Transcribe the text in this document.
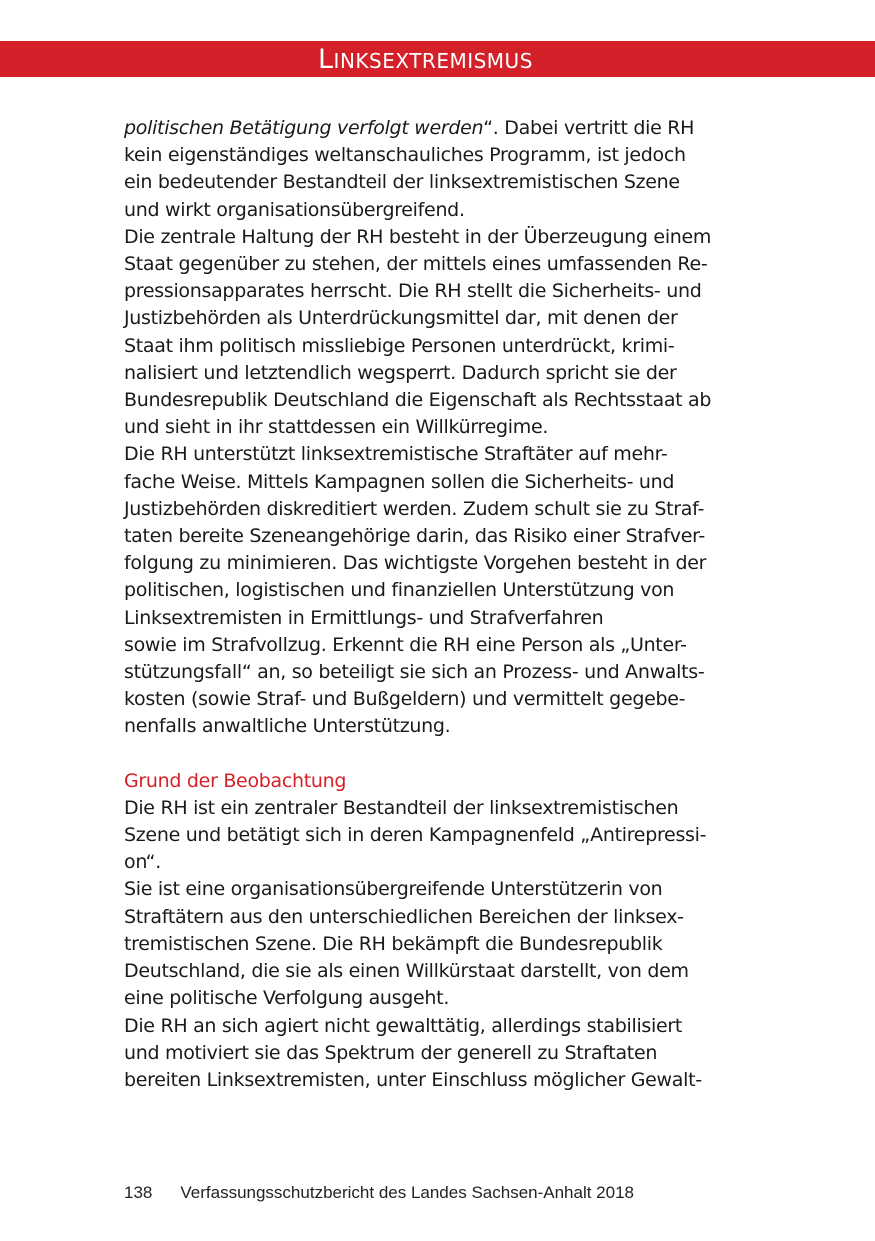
LINKSEXTREMISMUS

politischen Betätigung verfolgt werden“. Dabei vertritt die RH
kein eigenständiges weltanschauliches Programm, ist jedoch
ein bedeutender Bestandteil der linksextremistischen Szene
und wirkt organisationsübergreifend.

Die zentrale Haltung der RH besteht in der Überzeugung einem
Staat gegenüber zu stehen, der mittels eines umfassenden Re-
pressionsapparates herrscht. Die RH stellt die Sicherheits- und
Justizbehörden als Unterdrückungsmittel dar, mit denen der
Staat ihm politisch missliebige Personen unterdrückt, krimi-
nalisiert und letztendlich wegsperrt. Dadurch spricht sie der
Bundesrepublik Deutschland die Eigenschaft als Rechtsstaat ab
und sieht in ihr stattdessen ein Willkürregime.

Die RH unterstützt linksextremistische Straftäter auf mehr-
fache Weise. Mittels Kampagnen sollen die Sicherheits- und
Justizbehörden diskreditiert werden. Zudem schult sie zu Straf-
taten bereite Szeneangehörige darin, das Risiko einer Strafver-
folgung zu minimieren. Das wichtigste Vorgehen besteht in der
politischen, logistischen und finanziellen Unterstützung von
Linksextremisten in Ermittlungs- und Strafverfahren
sowie im Strafvollzug. Erkennt die RH eine Person als „Unter-
stützungsfall“ an, so beteiligt sie sich an Prozess- und Anwalts-
kosten (sowie Straf- und Bußgeldern) und vermittelt gegebe-
nenfalls anwaltliche Unterstützung.

Grund der Beobachtung

Die RH ist ein zentraler Bestandteil der linksextremistischen
Szene und betätigt sich in deren Kampagnenfeld „Antirepressi-
on“.

Sie ist eine organisationsübergreifende Unterstützerin von
Straftätern aus den unterschiedlichen Bereichen der linksex-
tremistischen Szene. Die RH bekämpft die Bundesrepublik
Deutschland, die sie als einen Willkürstaat darstellt, von dem
eine politische Verfolgung ausgeht.

Die RH an sich agiert nicht gewalttätig, allerdings stabilisiert
und motiviert sie das Spektrum der generell zu Straftaten
bereiten Linksextremisten, unter Einschluss möglicher Gewalt-

138 Verfassungsschutzbericht des Landes Sachsen-Anhalt 2018
